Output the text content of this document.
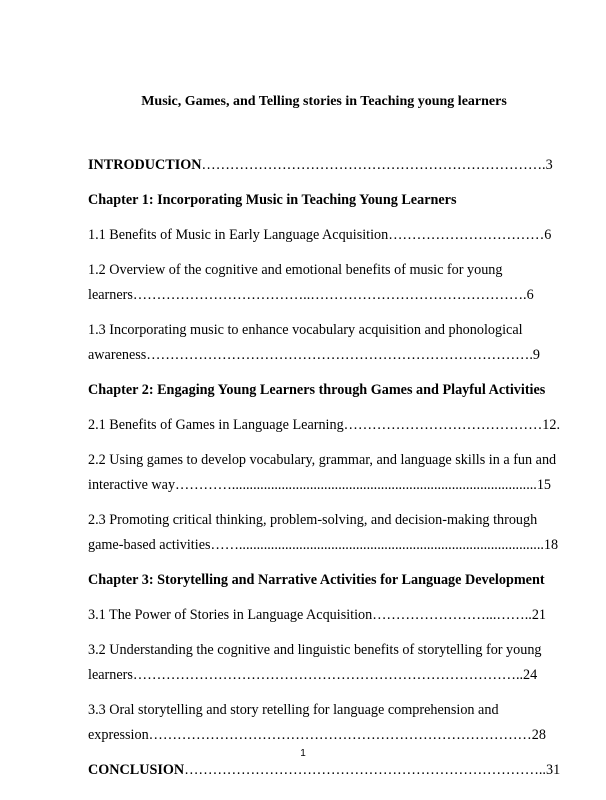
Music, Games, and Telling stories in Teaching young learners
INTRODUCTION……………………………………………………………….3
Chapter 1: Incorporating Music in Teaching Young Learners
1.1 Benefits of Music in Early Language Acquisition……………………………6
1.2 Overview of the cognitive and emotional benefits of music for young
learners………………………………..……………………………………….6
1.3 Incorporating music to enhance vocabulary acquisition and phonological
awareness……………………………………………………………………….9
Chapter 2: Engaging Young Learners through Games and Playful Activities
2.1 Benefits of Games in Language Learning……………………………………12.
2.2 Using games to develop vocabulary, grammar, and language skills in a fun and
interactive way…………......................................................................................15
2.3 Promoting critical thinking, problem-solving, and decision-making through
game-based activities……......................................................................................18
Chapter 3: Storytelling and Narrative Activities for Language Development
3.1 The Power of Stories in Language Acquisition……………………...……..21
3.2 Understanding the cognitive and linguistic benefits of storytelling for young
learners………………………………………………………………………..24
3.3 Oral storytelling and story retelling for language comprehension and
expression………………………………………………………………………28
CONCLUSION…………………………………………………………………..31
1
